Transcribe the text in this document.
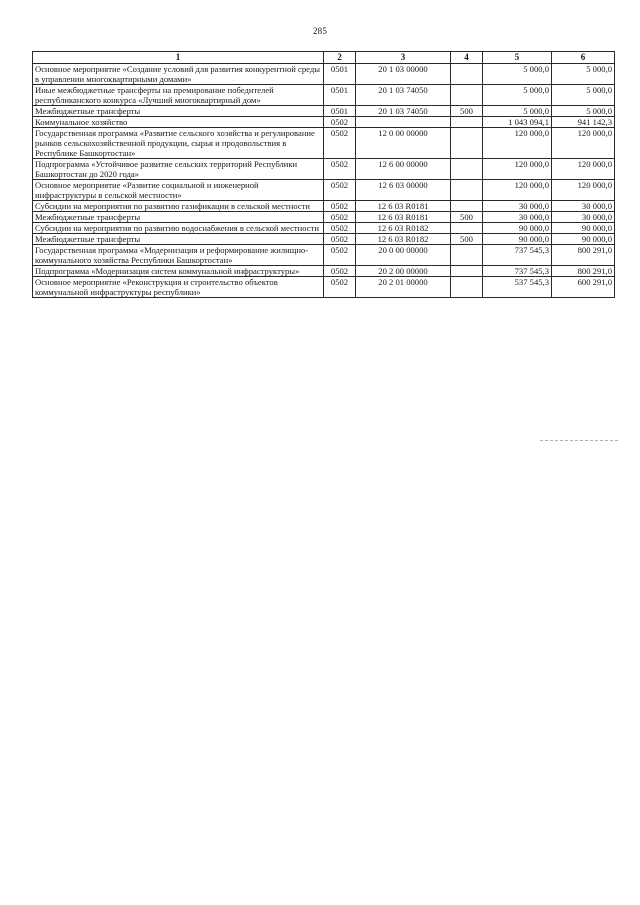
285
1	2	3	4	5	6
Основное мероприятие «Создание условий для развития конкурентной среды в управлении многоквартирными домами»	0501	20 1 03 00000		5 000,0	5 000,0
Иные межбюджетные трансферты на премирование победителей республиканского конкурса «Лучший многоквартирный дом»	0501	20 1 03 74050		5 000,0	5 000,0
Межбюджетные трансферты	0501	20 1 03 74050	500	5 000,0	5 000,0
Коммунальное хозяйство	0502			1 043 094,1	941 142,3
Государственная программа «Развитие сельского хозяйства и регулирование рынков сельскохозяйственной продукции, сырья и продовольствия в Республике Башкортостан»	0502	12 0 00 00000		120 000,0	120 000,0
Подпрограмма «Устойчивое развитие сельских территорий Республики Башкортостан до 2020 года»	0502	12 6 00 00000		120 000,0	120 000,0
Основное мероприятие «Развитие социальной и инженерной инфраструктуры в сельской местности»	0502	12 6 03 00000		120 000,0	120 000,0
Субсидии на мероприятия по развитию газификации в сельской местности	0502	12 6 03 R0181		30 000,0	30 000,0
Межбюджетные трансферты	0502	12 6 03 R0181	500	30 000,0	30 000,0
Субсидии на мероприятия по развитию водоснабжения в сельской местности	0502	12 6 03 R0182		90 000,0	90 000,0
Межбюджетные трансферты	0502	12 6 03 R0182	500	90 000,0	90 000,0
Государственная программа «Модернизация и реформирование жилищно-коммунального хозяйства Республики Башкортостан»	0502	20 0 00 00000		737 545,3	800 291,0
Подпрограмма «Модернизация систем коммунальной инфраструктуры»	0502	20 2 00 00000		737 545,3	800 291,0
Основное мероприятие «Реконструкция и строительство объектов коммунальной инфраструктуры республики»	0502	20 2 01 00000		537 545,3	600 291,0
